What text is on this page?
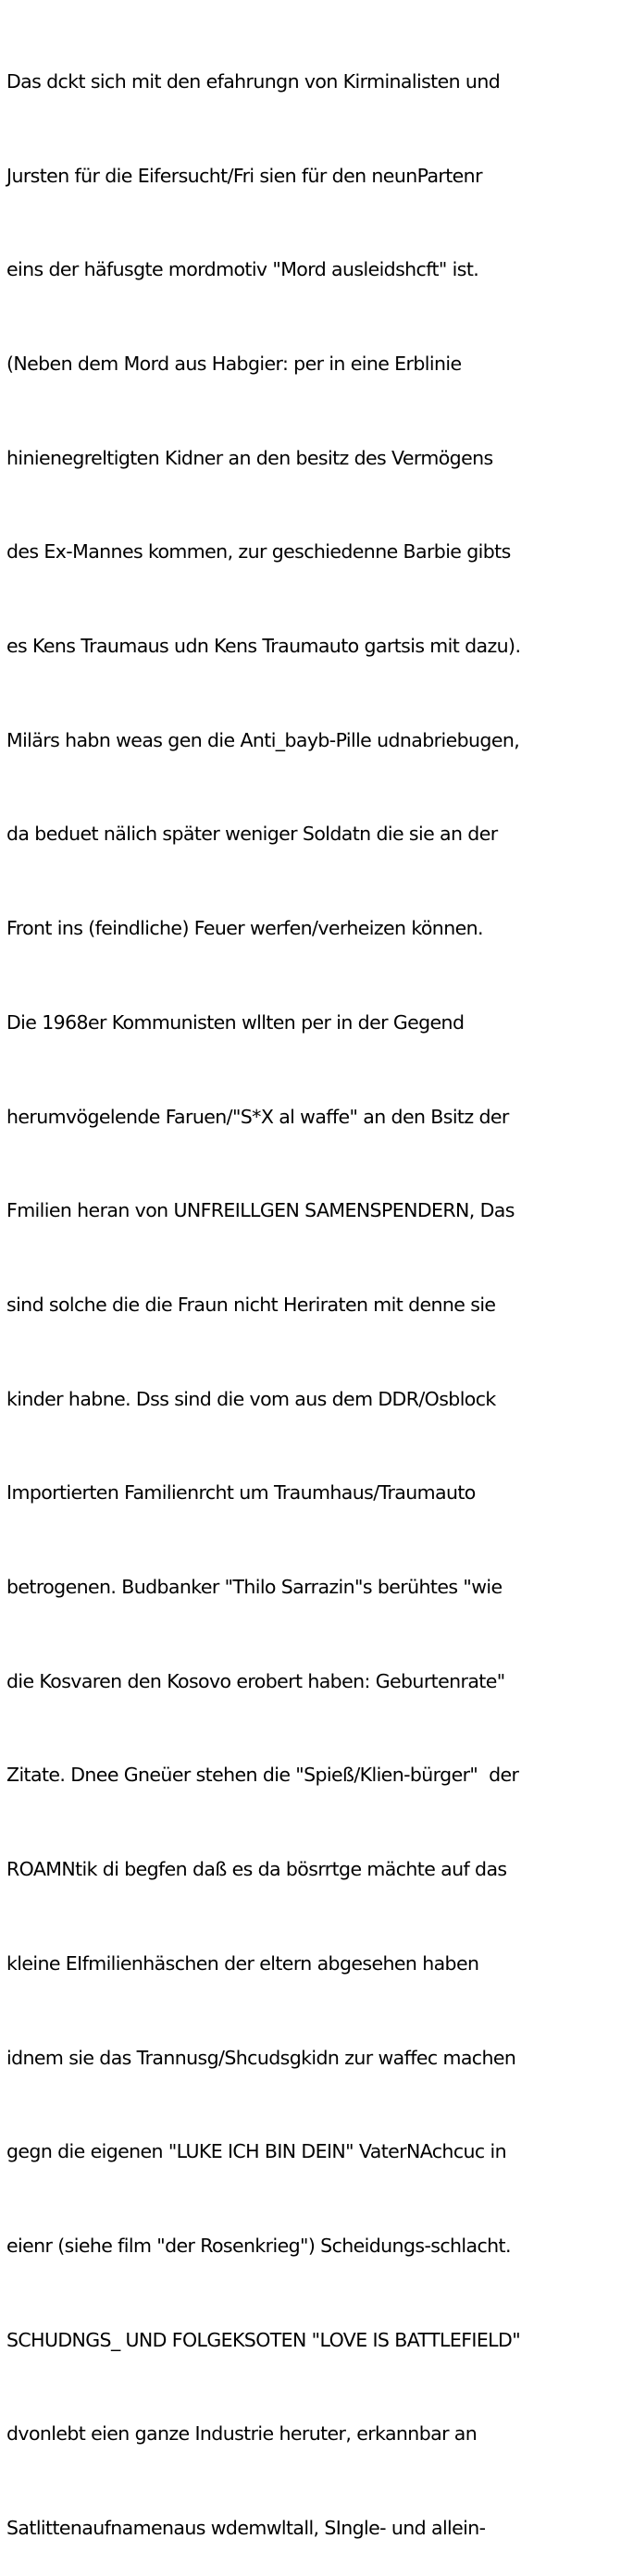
Das dckt sich mit den efahrungn von Kirminalisten und

Jursten für die Eifersucht/Fri sien für den neunPartenr

eins der häfusgte mordmotiv "Mord ausleidshcft" ist.

(Neben dem Mord aus Habgier: per in eine Erblinie

hinienegreltigten Kidner an den besitz des Vermögens

des Ex-Mannes kommen, zur geschiedenne Barbie gibts

es Kens Traumaus udn Kens Traumauto gartsis mit dazu).

Milärs habn weas gen die Anti_bayb-Pille udnabriebugen,

da beduet nälich später weniger Soldatn die sie an der

Front ins (feindliche) Feuer werfen/verheizen können.

Die 1968er Kommunisten wllten per in der Gegend

herumvögelende Faruen/"S*X al waffe" an den Bsitz der

Fmilien heran von UNFREILLGEN SAMENSPENDERN, Das

sind solche die die Fraun nicht Heriraten mit denne sie

kinder habne. Dss sind die vom aus dem DDR/Osblock

Importierten Familienrcht um Traumhaus/Traumauto

betrogenen. Budbanker "Thilo Sarrazin"s berühtes "wie

die Kosvaren den Kosovo erobert haben: Geburtenrate"

Zitate. Dnee Gneüer stehen die "Spieß/Klien-bürger"  der

ROAMNtik di begfen daß es da bösrrtge mächte auf das

kleine EIfmilienhäschen der eltern abgesehen haben

idnem sie das Trannusg/Shcudsgkidn zur waffec machen

gegn die eigenen "LUKE ICH BIN DEIN" VaterNAchcuc in

eienr (siehe film "der Rosenkrieg") Scheidungs-schlacht.

SCHUDNGS_ UND FOLGEKSOTEN "LOVE IS BATTLEFIELD"

dvonlebt eien ganze Industrie heruter, erkannbar an

Satlittenaufnamenaus wdemwltall, SIngle- und allein-
